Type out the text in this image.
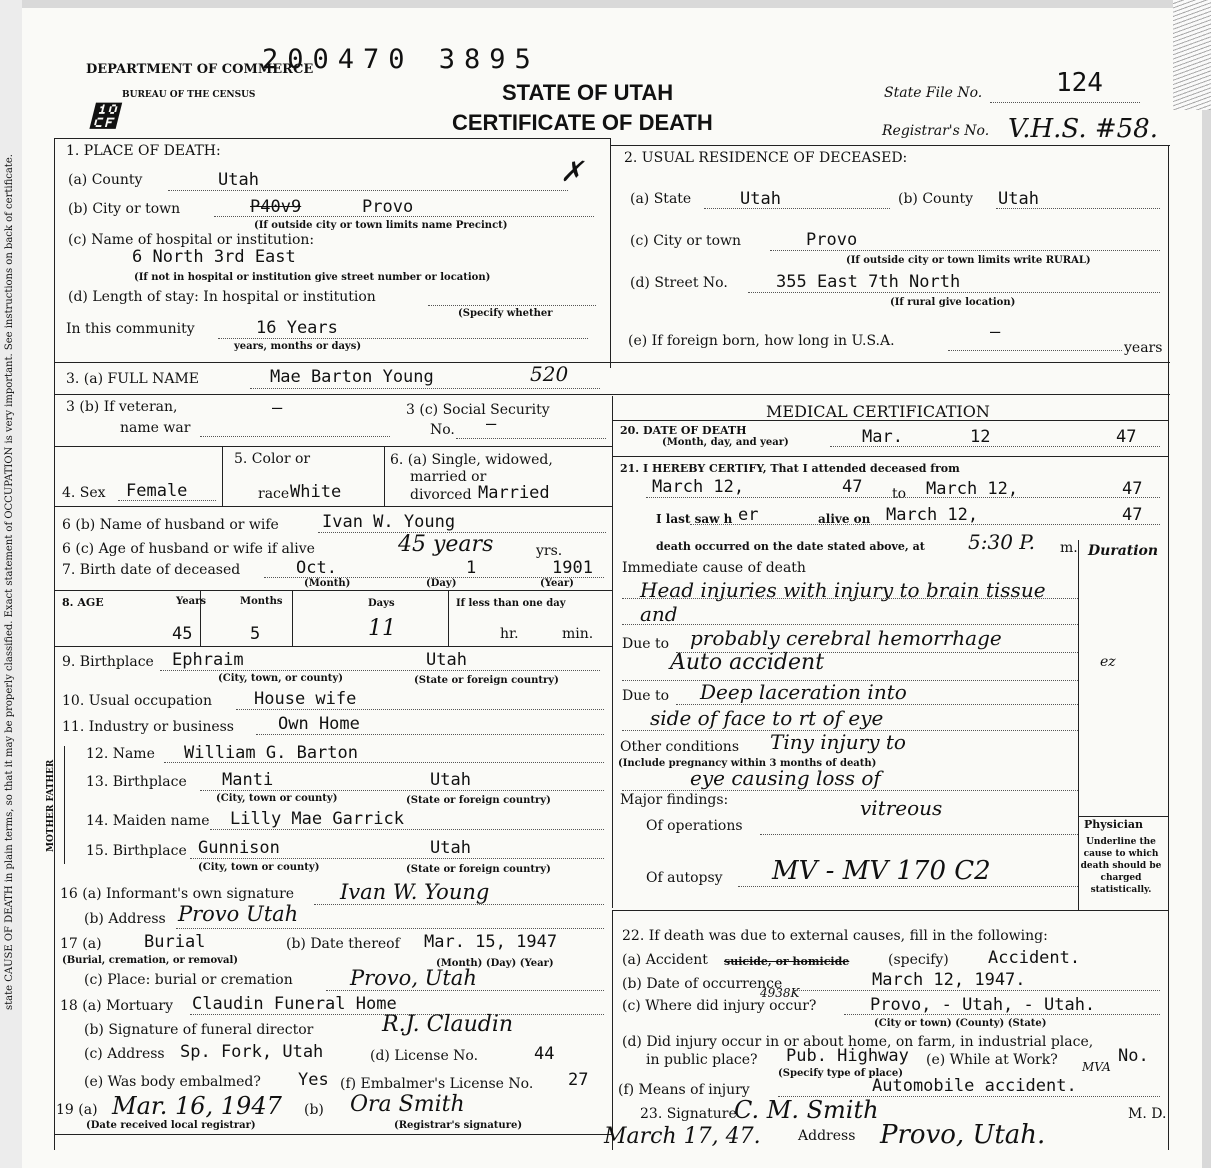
state CAUSE OF DEATH in plain terms, so that it may be properly classified. Exact statement of OCCUPATION is very important. See instructions on back of certificate.
DEPARTMENT OF COMMERCE
BUREAU OF THE CENSUS
200470 3895
STATE OF UTAH
CERTIFICATE OF DEATH
State File No.	124
Registrar's No. V.H.S. #58.
჏
1. PLACE OF DEATH:
(a) County	Utah	✗
(b) City or town	P40v9	Provo
(If outside city or town limits name Precinct)
(c) Name of hospital or institution:
6 North 3rd East
(If not in hospital or institution give street number or location)
(d) Length of stay: In hospital or institution
(Specify whether
In this community	16 Years
years, months or days)
2. USUAL RESIDENCE OF DECEASED:
(a) State	Utah	(b) County Utah
(c) City or town	Provo
(If outside city or town limits write RURAL)
(d) Street No.	355 East 7th North
(If rural give location)
(e) If foreign born, how long in U.S.A.	—
years
3. (a) FULL NAME	Mae Barton Young	520
3 (b) If veteran,
name war
—	3 (c) Social Security
No. —
4. Sex Female
5. Color or
race White
6. (a) Single, widowed,
married or
divorced Married
6 (b) Name of husband or wife	Ivan W. Young
6 (c) Age of husband or wife if alive	45 years	yrs.
7. Birth date of deceased	Oct.	1	1901
(Month)	(Day)	(Year)
8. AGE	Years	Months	Days	If less than one day
45	5	11	hr.	min.
9. Birthplace Ephraim	Utah
(City, town, or county)	(State or foreign country)
10. Usual occupation House wife
11. Industry or business	Own Home
MOTHER FATHER
12. Name William G. Barton
13. Birthplace Manti	Utah
(City, town or county)	(State or foreign country)
14. Maiden name Lilly Mae Garrick
15. Birthplace Gunnison	Utah
(City, town or county)	(State or foreign country)
16 (a) Informant's own signature Ivan W. Young
(b) Address Provo Utah
17 (a) Burial
(Burial, cremation, or removal)
(b) Date thereof Mar. 15, 1947
(Month) (Day) (Year)
(c) Place: burial or cremation	Provo, Utah
18 (a) Mortuary Claudin Funeral Home
(b) Signature of funeral director	R.J. Claudin
(c) Address Sp. Fork, Utah	(d) License No.	44
(e) Was body embalmed? Yes (f) Embalmer's License No. 27
19 (a) Mar. 16, 1947 (b) Ora Smith
(Date received local registrar)	(Registrar's signature)
MEDICAL CERTIFICATION
20. DATE OF DEATH
(Month, day, and year)	Mar.	12	47
21. I HEREBY CERTIFY, That I attended deceased from
March 12,	47 to March 12,	47
I last saw h er	alive on March 12,	47
death occurred on the date stated above, at 5:30 P. m. Duration
Immediate cause of death
Head injuries with injury to brain tissue and
Due to probably cerebral hemorrhage
Auto accident	ez
Due to Deep laceration into
side of face to rt of eye
Other conditions Tiny injury to
(Include pregnancy within 3 months of death)
eye causing loss of
Major findings:	vitreous
Of operations
Of autopsy MV - MV 170 C2
Physician
Underline the cause to which death should be charged statistically.
22. If death was due to external causes, fill in the following:
(a) Accident suicide, or homicide	(specify) Accident.
(b) Date of occurrence	March 12, 1947.
(c) Where did injury occur?
4938K
Provo, - Utah, - Utah.
(City or town) (County) (State)
(d) Did injury occur in or about home, on farm, in industrial place,
in public place? Pub. Highway (e) While at Work?	No.
(Specify type of place)
(f) Means of injury
MVA
Automobile accident.
23. Signature
C. M. Smith	M. D.
March 17, 47.	Address Provo, Utah.
